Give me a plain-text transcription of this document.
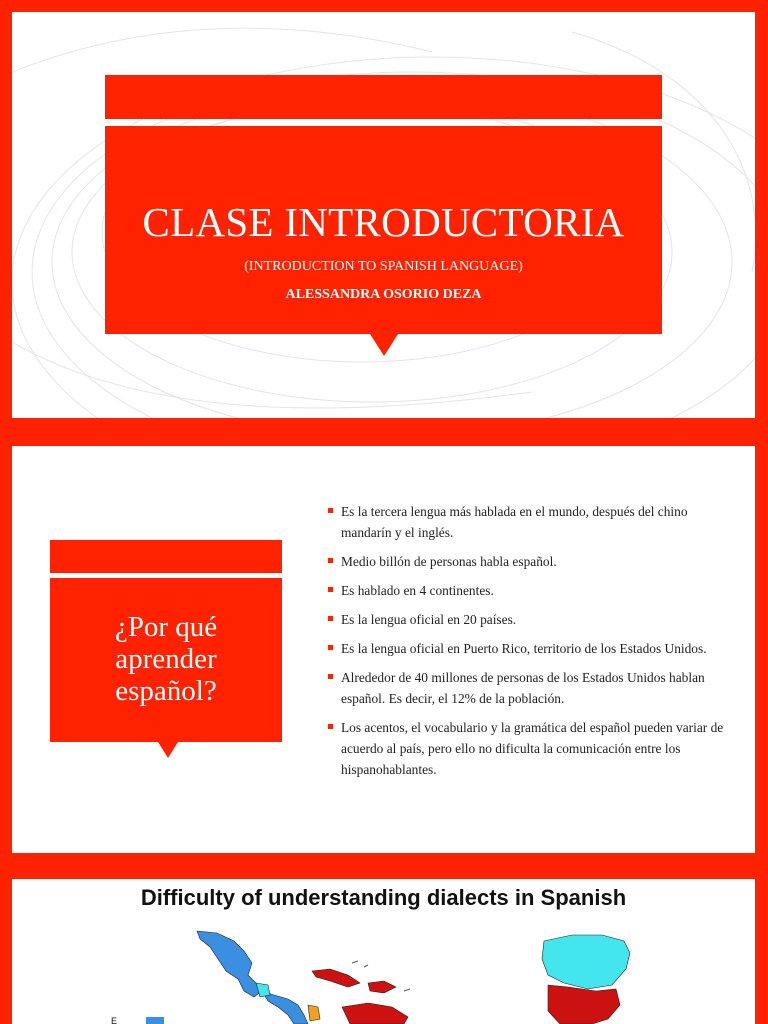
CLASE INTRODUCTORIA

(INTRODUCTION TO SPANISH LANGUAGE)

ALESSANDRA OSORIO DEZA

¿Por qué
aprender
español?
Es la tercera lengua más hablada en el mundo, después del chino mandarín y el inglés.
Medio billón de personas habla español.
Es hablado en 4 continentes.
Es la lengua oficial en 20 países.
Es la lengua oficial en Puerto Rico, territorio de los Estados Unidos.
Alrededor de 40 millones de personas de los Estados Unidos hablan español. Es decir, el 12% de la población.
Los acentos, el vocabulario y la gramática del español pueden variar de acuerdo al país, pero ello no dificulta la comunicación entre los hispanohablantes.
Difficulty of understanding dialects in Spanish
E
